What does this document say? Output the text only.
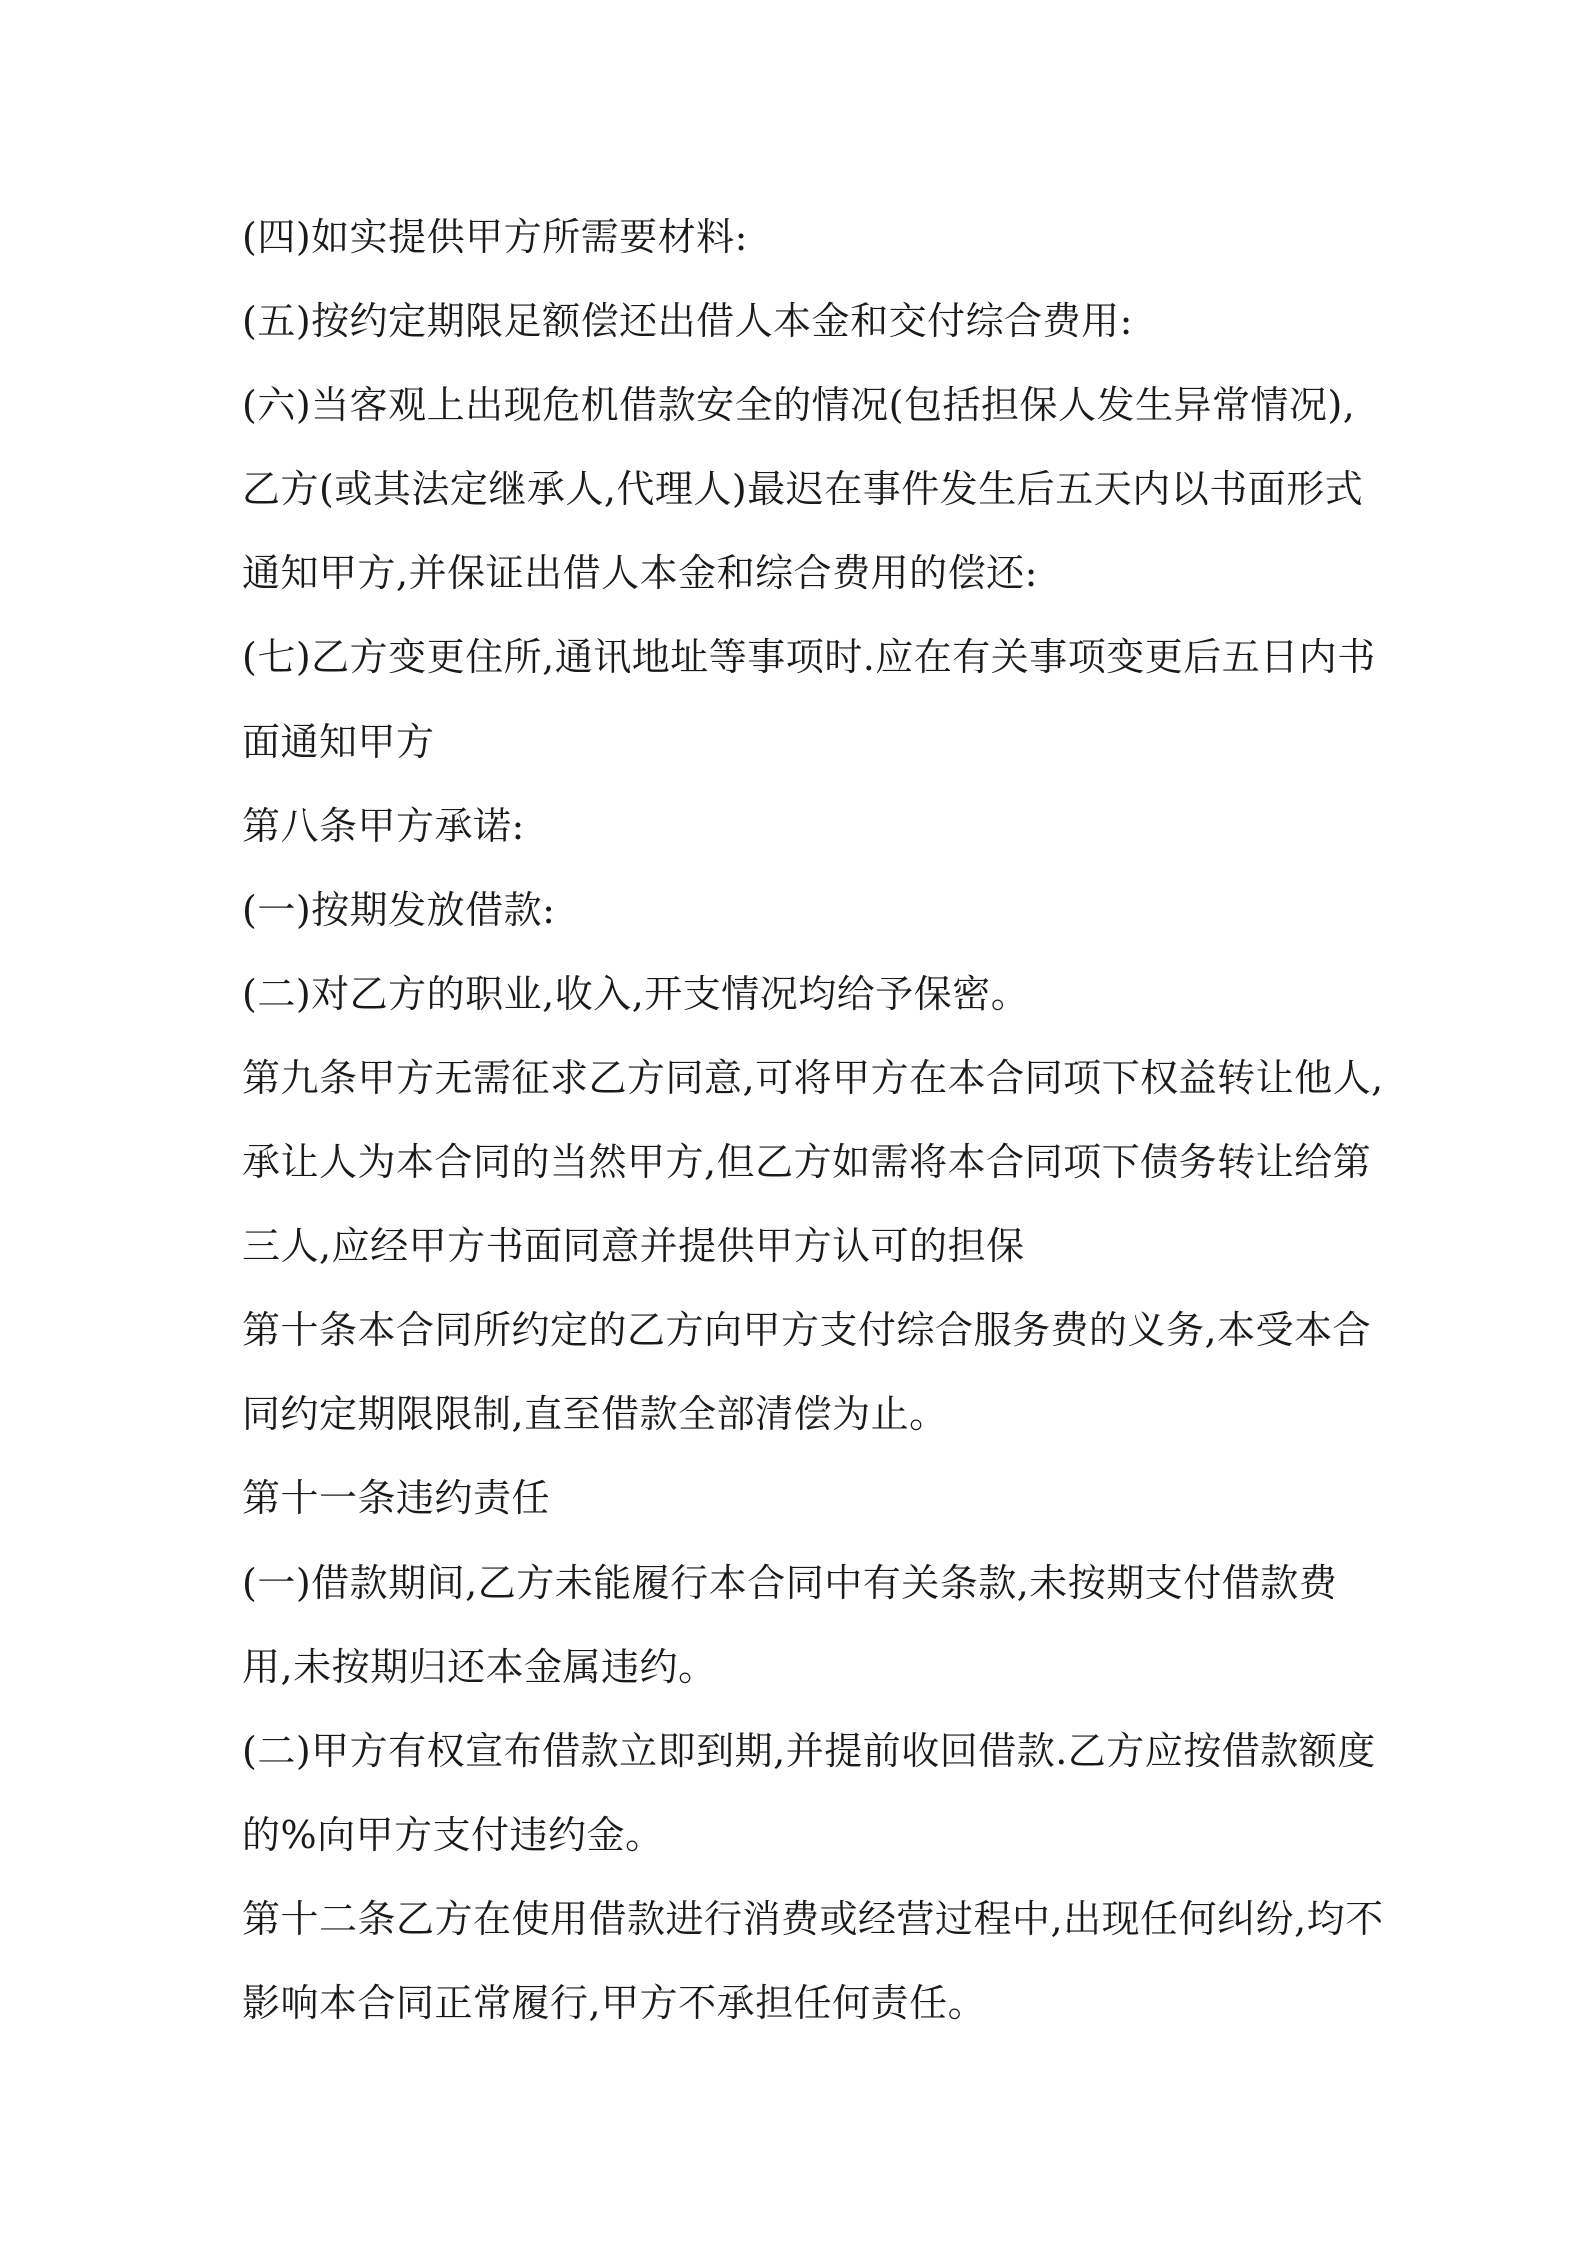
(四)如实提供甲方所需要材料:
(五)按约定期限足额偿还出借人本金和交付综合费用:
(六)当客观上出现危机借款安全的情况(包括担保人发生异常情况),
乙方(或其法定继承人,代理人)最迟在事件发生后五天内以书面形式
通知甲方,并保证出借人本金和综合费用的偿还:
(七)乙方变更住所,通讯地址等事项时.应在有关事项变更后五日内书
面通知甲方
第八条甲方承诺:
(一)按期发放借款:
(二)对乙方的职业,收入,开支情况均给予保密。
第九条甲方无需征求乙方同意,可将甲方在本合同项下权益转让他人,
承让人为本合同的当然甲方,但乙方如需将本合同项下债务转让给第
三人,应经甲方书面同意并提供甲方认可的担保
第十条本合同所约定的乙方向甲方支付综合服务费的义务,本受本合
同约定期限限制,直至借款全部清偿为止。
第十一条违约责任
(一)借款期间,乙方未能履行本合同中有关条款,未按期支付借款费
用,未按期归还本金属违约。
(二)甲方有权宣布借款立即到期,并提前收回借款.乙方应按借款额度
的%向甲方支付违约金。
第十二条乙方在使用借款进行消费或经营过程中,出现任何纠纷,均不
影响本合同正常履行,甲方不承担任何责任。
